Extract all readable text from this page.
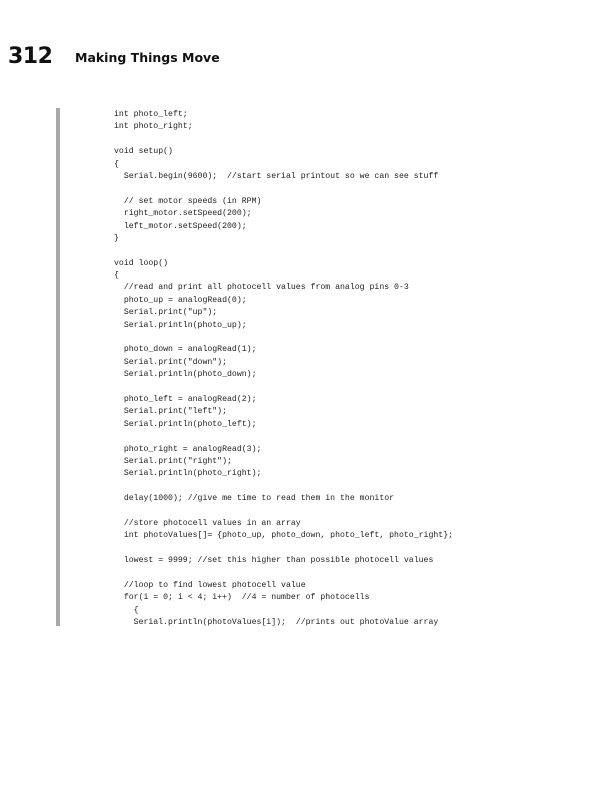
312 Making Things Move
int photo_left;
int photo_right;
void setup()
{
Serial.begin(9600);  //start serial printout so we can see stuff
// set motor speeds (in RPM)
right_motor.setSpeed(200);
left_motor.setSpeed(200);
}
void loop()
{
//read and print all photocell values from analog pins 0-3
photo_up = analogRead(0);
Serial.print("up");
Serial.println(photo_up);
photo_down = analogRead(1);
Serial.print("down");
Serial.println(photo_down);
photo_left = analogRead(2);
Serial.print("left");
Serial.println(photo_left);
photo_right = analogRead(3);
Serial.print("right");
Serial.println(photo_right);
delay(1000); //give me time to read them in the monitor
//store photocell values in an array
int photoValues[]= {photo_up, photo_down, photo_left, photo_right};
lowest = 9999; //set this higher than possible photocell values
//loop to find lowest photocell value
for(i = 0; i < 4; i++)  //4 = number of photocells
{
Serial.println(photoValues[i]);  //prints out photoValue array
